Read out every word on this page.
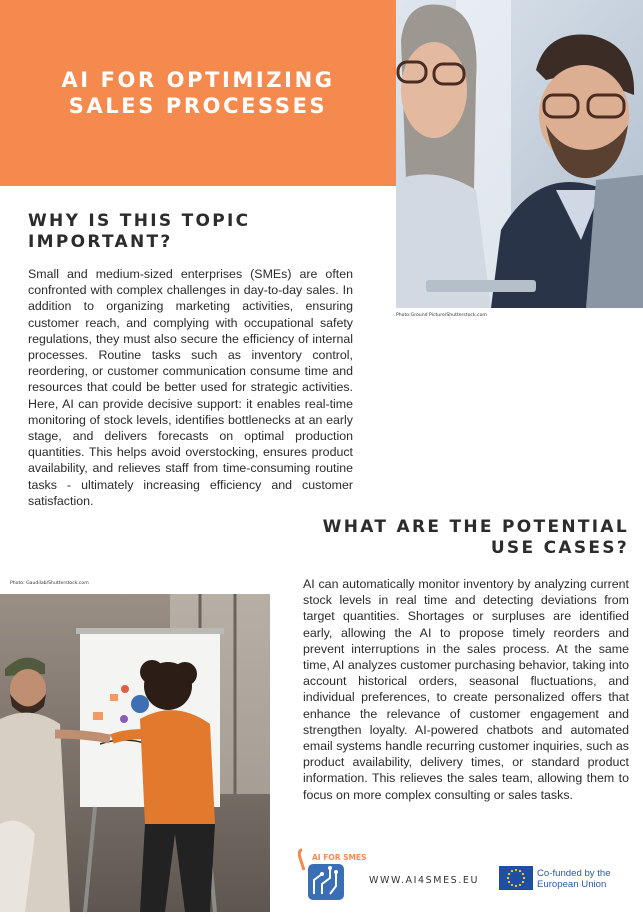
AI FOR OPTIMIZING SALES PROCESSES
Photo:Ground Picture/Shutterstock.com
WHY IS THIS TOPIC IMPORTANT?

Small and medium-sized enterprises (SMEs) are often confronted with complex challenges in day-to-day sales. In addition to organizing marketing activities, ensuring customer reach, and complying with occupational safety regulations, they must also secure the efficiency of internal processes. Routine tasks such as inventory control, reordering, or customer communication consume time and resources that could be better used for strategic activities. Here, AI can provide decisive support: it enables real-time monitoring of stock levels, identifies bottlenecks at an early stage, and delivers forecasts on optimal production quantities. This helps avoid overstocking, ensures product availability, and relieves staff from time-consuming routine tasks - ultimately increasing efficiency and customer satisfaction.

WHAT ARE THE POTENTIAL USE CASES?

AI can automatically monitor inventory by analyzing current stock levels in real time and detecting deviations from target quantities. Shortages or surpluses are identified early, allowing the AI to propose timely reorders and prevent interruptions in the sales process. At the same time, AI analyzes customer purchasing behavior, taking into account historical orders, seasonal fluctuations, and individual preferences, to create personalized offers that enhance the relevance of customer engagement and strengthen loyalty. AI-powered chatbots and automated email systems handle recurring customer inquiries, such as product availability, delivery times, or standard product information. This relieves the sales team, allowing them to focus on more complex consulting or sales tasks.

Photo: Gaudilab/Shutterstock.com
AI FOR SMES
WWW.AI4SMES.EU
Co-funded by the
European Union
